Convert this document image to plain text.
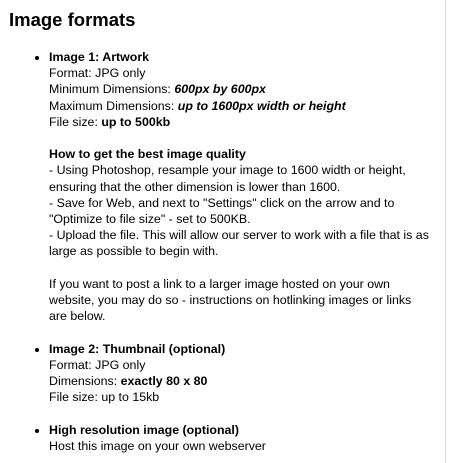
Image formats
• Image 1: Artwork
Format: JPG only
Minimum Dimensions: 600px by 600px
Maximum Dimensions: up to 1600px width or height
File size: up to 500kb
How to get the best image quality
- Using Photoshop, resample your image to 1600 width or height, ensuring that the other dimension is lower than 1600.
- Save for Web, and next to "Settings" click on the arrow and to "Optimize to file size" - set to 500KB.
- Upload the file. This will allow our server to work with a file that is as large as possible to begin with.
If you want to post a link to a larger image hosted on your own website, you may do so - instructions on hotlinking images or links are below.
• Image 2: Thumbnail (optional)
Format: JPG only
Dimensions: exactly 80 x 80
File size: up to 15kb
• High resolution image (optional)
Host this image on your own webserver
